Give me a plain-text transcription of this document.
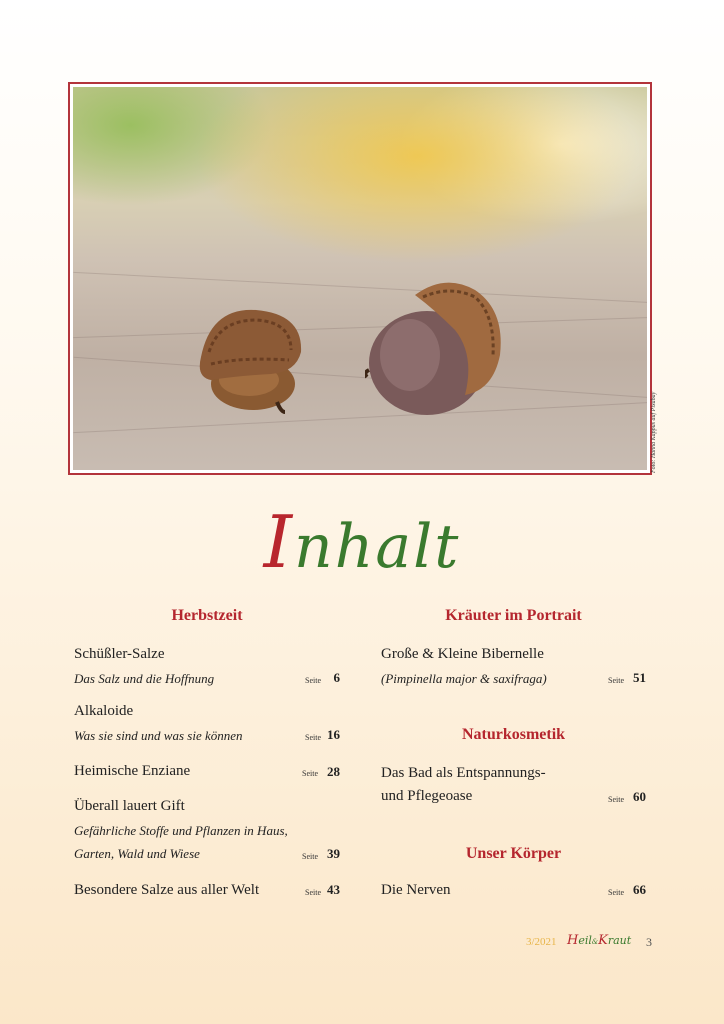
Foto: Hanna Kappus auf Pixabay
Inhalt
Herbstzeit
Schüßler-Salze
Das Salz und die Hoffnung	Seite 6
Alkaloide
Was sie sind und was sie können	Seite 16
Heimische Enziane	Seite 28
Überall lauert Gift
Gefährliche Stoffe und Pflanzen in Haus,
Garten, Wald und Wiese	Seite 39
Besondere Salze aus aller Welt	Seite 43
Kräuter im Portrait
Große & Kleine Bibernelle
(Pimpinella major & saxifraga)	Seite 51
Naturkosmetik
Das Bad als Entspannungs-
und Pflegeoase	Seite 60
Unser Körper
Die Nerven	Seite 66
3/2021 Heil&Kraut 3
